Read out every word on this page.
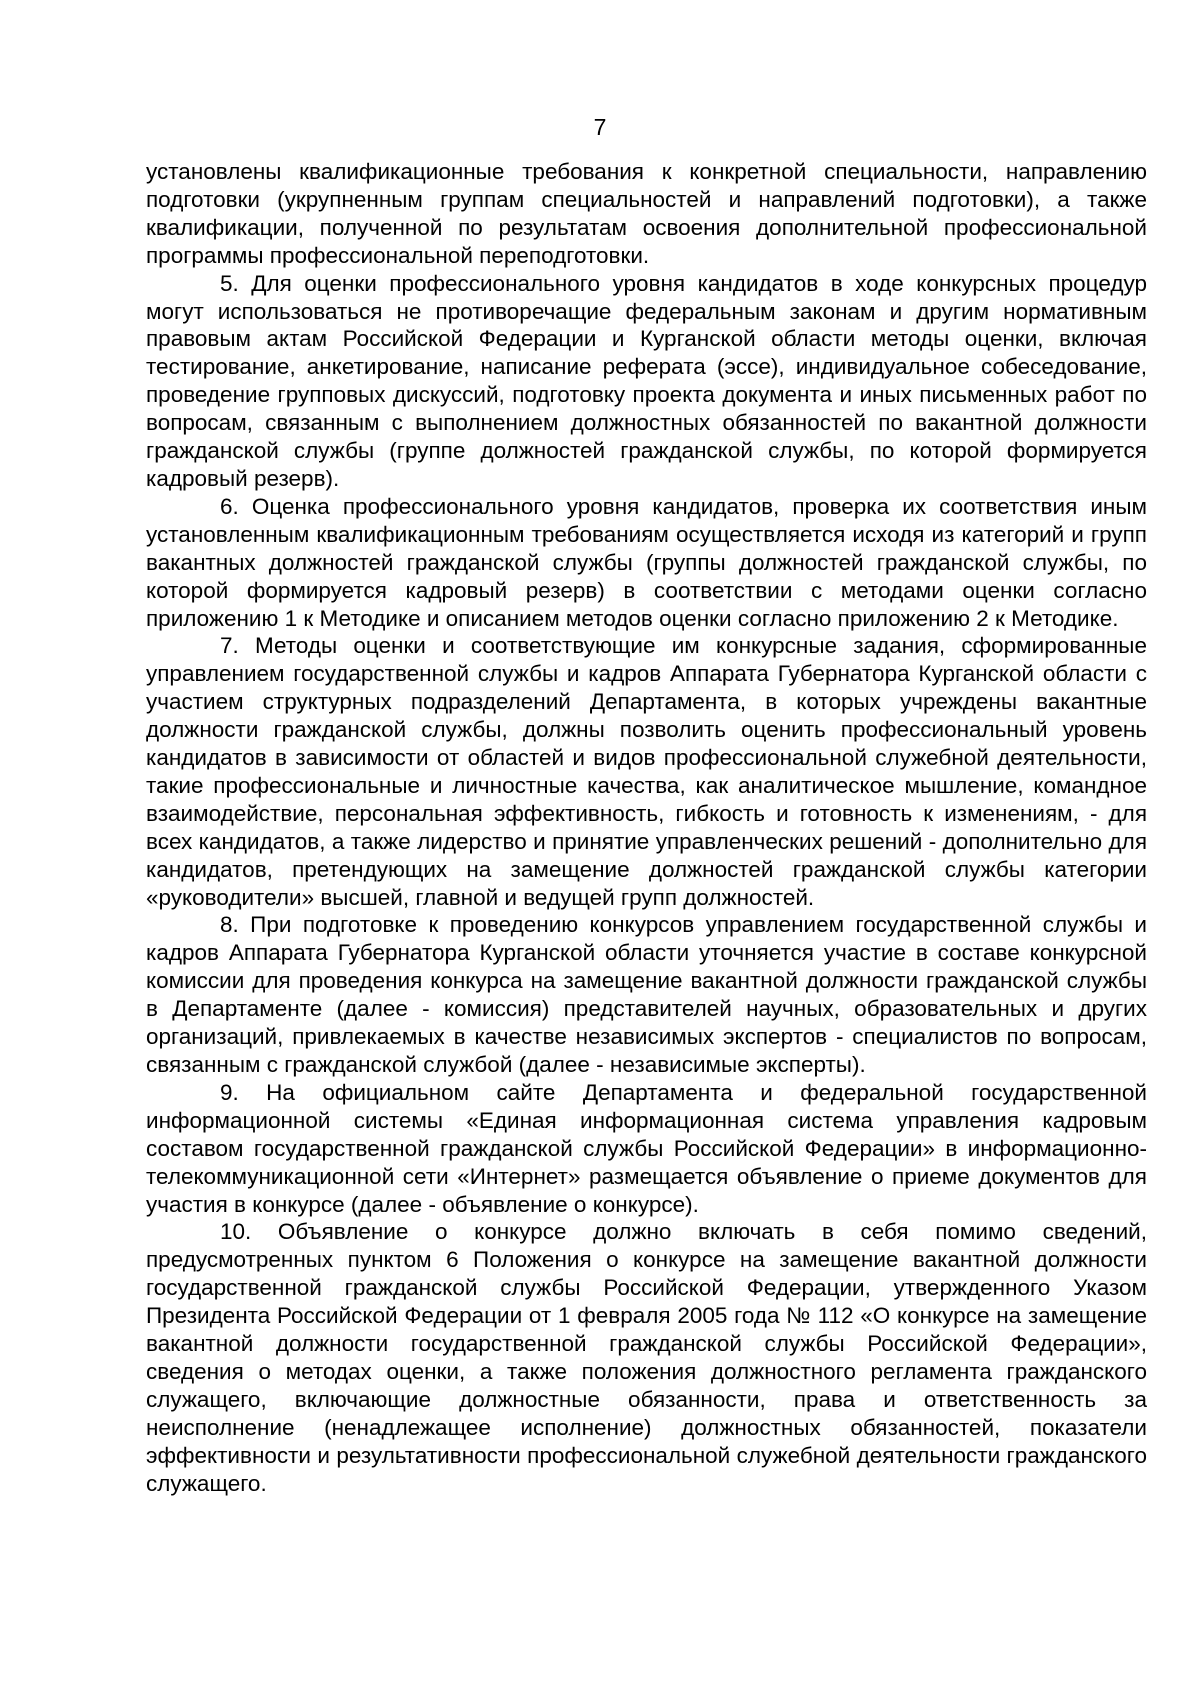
7

установлены квалификационные требования к конкретной специальности, направлению подготовки (укрупненным группам специальностей и направлений подготовки), а также квалификации, полученной по результатам освоения дополнительной профессиональной программы профессиональной переподготовки.

5. Для оценки профессионального уровня кандидатов в ходе конкурсных процедур могут использоваться не противоречащие федеральным законам и другим нормативным правовым актам Российской Федерации и Курганской области методы оценки, включая тестирование, анкетирование, написание реферата (эссе), индивидуальное собеседование, проведение групповых дискуссий, подготовку проекта документа и иных письменных работ по вопросам, связанным с выполнением должностных обязанностей по вакантной должности гражданской службы (группе должностей гражданской службы, по которой формируется кадровый резерв).

6. Оценка профессионального уровня кандидатов, проверка их соответствия иным установленным квалификационным требованиям осуществляется исходя из категорий и групп вакантных должностей гражданской службы (группы должностей гражданской службы, по которой формируется кадровый резерв) в соответствии с методами оценки согласно приложению 1 к Методике и описанием методов оценки согласно приложению 2 к Методике.

7. Методы оценки и соответствующие им конкурсные задания, сформированные управлением государственной службы и кадров Аппарата Губернатора Курганской области с участием структурных подразделений Департамента, в которых учреждены вакантные должности гражданской службы, должны позволить оценить профессиональный уровень кандидатов в зависимости от областей и видов профессиональной служебной деятельности, такие профессиональные и личностные качества, как аналитическое мышление, командное взаимодействие, персональная эффективность, гибкость и готовность к изменениям, - для всех кандидатов, а также лидерство и принятие управленческих решений - дополнительно для кандидатов, претендующих на замещение должностей гражданской службы категории «руководители» высшей, главной и ведущей групп должностей.

8. При подготовке к проведению конкурсов управлением государственной службы и кадров Аппарата Губернатора Курганской области уточняется участие в составе конкурсной комиссии для проведения конкурса на замещение вакантной должности гражданской службы в Департаменте (далее - комиссия) представителей научных, образовательных и других организаций, привлекаемых в качестве независимых экспертов - специалистов по вопросам, связанным с гражданской службой (далее - независимые эксперты).

9. На официальном сайте Департамента и федеральной государственной информационной системы «Единая информационная система управления кадровым составом государственной гражданской службы Российской Федерации» в информационно-телекоммуникационной сети «Интернет» размещается объявление о приеме документов для участия в конкурсе (далее - объявление о конкурсе).

10. Объявление о конкурсе должно включать в себя помимо сведений, предусмотренных пунктом 6 Положения о конкурсе на замещение вакантной должности государственной гражданской службы Российской Федерации, утвержденного Указом Президента Российской Федерации от 1 февраля 2005 года № 112 «О конкурсе на замещение вакантной должности государственной гражданской службы Российской Федерации», сведения о методах оценки, а также положения должностного регламента гражданского служащего, включающие должностные обязанности, права и ответственность за неисполнение (ненадлежащее исполнение) должностных обязанностей, показатели эффективности и результативности профессиональной служебной деятельности гражданского служащего.
